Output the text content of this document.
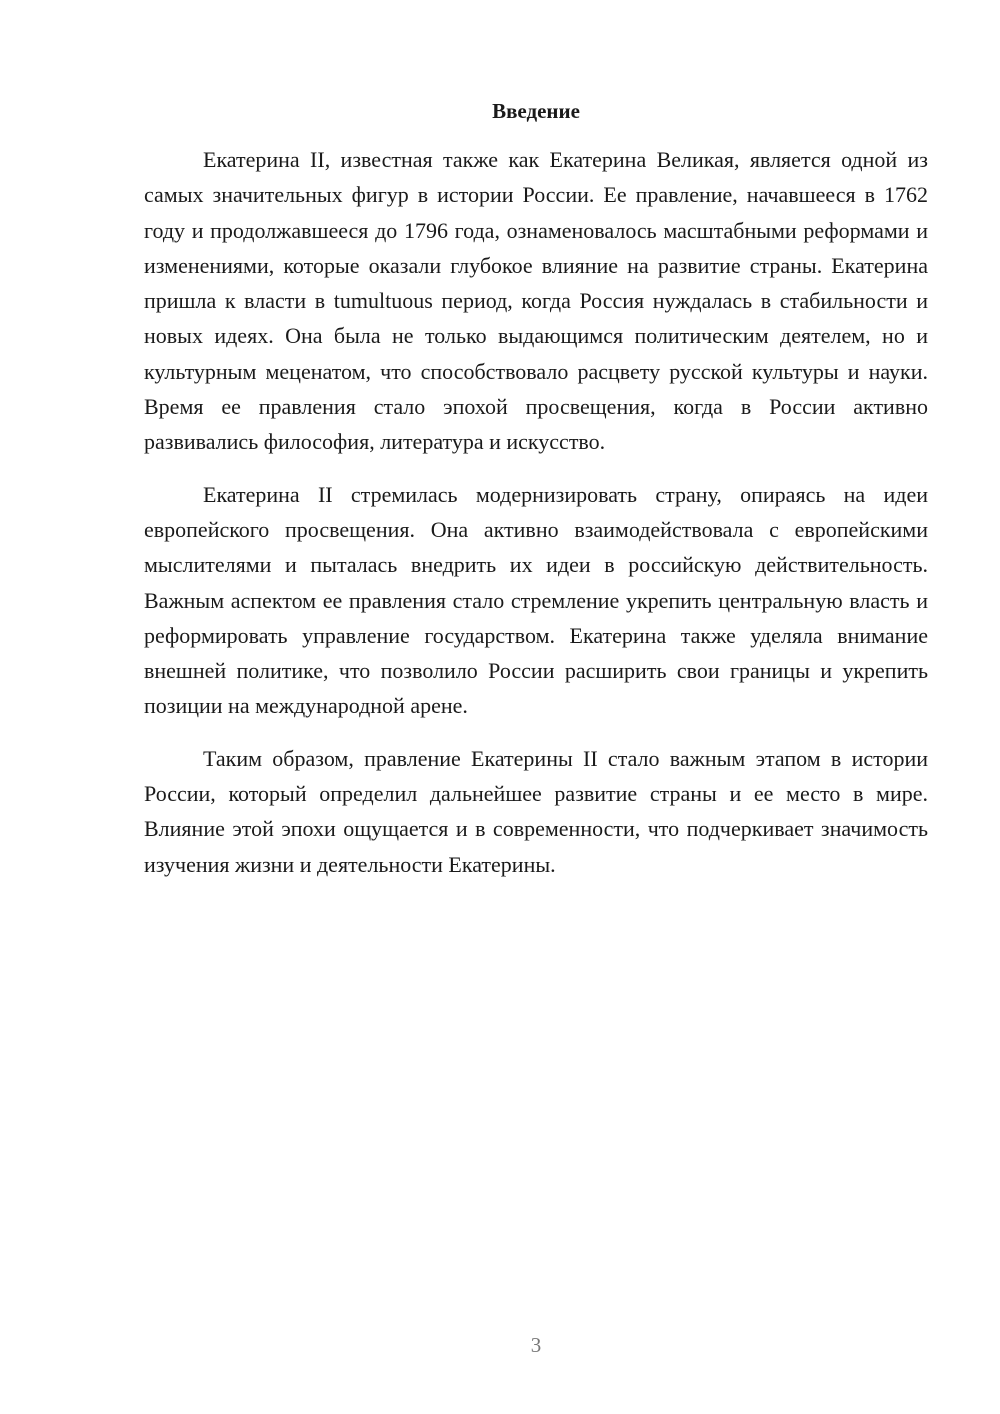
Введение

Екатерина II, известная также как Екатерина Великая, является одной из самых значительных фигур в истории России. Ее правление, начавшееся в 1762 году и продолжавшееся до 1796 года, ознаменовалось масштабными реформами и изменениями, которые оказали глубокое влияние на развитие страны. Екатерина пришла к власти в tumultuous период, когда Россия нуждалась в стабильности и новых идеях. Она была не только выдающимся политическим деятелем, но и культурным меценатом, что способствовало расцвету русской культуры и науки. Время ее правления стало эпохой просвещения, когда в России активно развивались философия, литература и искусство.

Екатерина II стремилась модернизировать страну, опираясь на идеи европейского просвещения. Она активно взаимодействовала с европейскими мыслителями и пыталась внедрить их идеи в российскую действительность. Важным аспектом ее правления стало стремление укрепить центральную власть и реформировать управление государством. Екатерина также уделяла внимание внешней политике, что позволило России расширить свои границы и укрепить позиции на международной арене.

Таким образом, правление Екатерины II стало важным этапом в истории России, который определил дальнейшее развитие страны и ее место в мире. Влияние этой эпохи ощущается и в современности, что подчеркивает значимость изучения жизни и деятельности Екатерины.

3
